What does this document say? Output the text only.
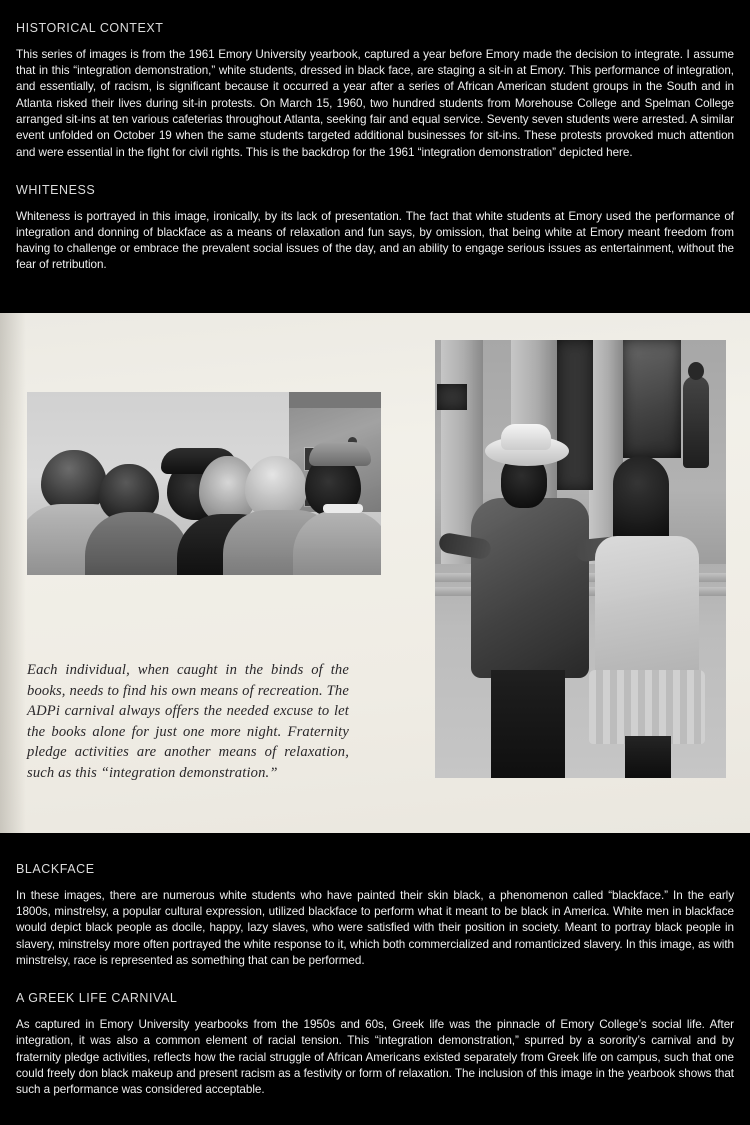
HISTORICAL CONTEXT

This series of images is from the 1961 Emory University yearbook, captured a year before Emory made the decision to integrate. I assume that in this “integration demonstration,” white students, dressed in black face, are staging a sit-in at Emory. This performance of integration, and essentially, of racism, is significant because it occurred a year after a series of African American student groups in the South and in Atlanta risked their lives during sit-in protests. On March 15, 1960, two hundred students from Morehouse College and Spelman College arranged sit-ins at ten various cafeterias throughout Atlanta, seeking fair and equal service. Seventy seven students were arrested. A similar event unfolded on October 19 when the same students targeted additional businesses for sit-ins. These protests provoked much attention and were essential in the fight for civil rights. This is the backdrop for the 1961 “integration demonstration” depicted here.

WHITENESS

Whiteness is portrayed in this image, ironically, by its lack of presentation. The fact that white students at Emory used the performance of integration and donning of blackface as a means of relaxation and fun says, by omission, that being white at Emory meant freedom from having to challenge or embrace the prevalent social issues of the day, and an ability to engage serious issues as entertainment, without the fear of retribution.

Each individual, when caught in the binds of the books, needs to find his own means of recreation. The ADPi carnival always offers the needed excuse to let the books alone for just one more night. Fraternity pledge activities are another means of relaxation, such as this “integration demonstration.”
BLACKFACE

In these images, there are numerous white students who have painted their skin black, a phenomenon called “blackface.” In the early 1800s, minstrelsy, a popular cultural expression, utilized blackface to perform what it meant to be black in America. White men in blackface would depict black people as docile, happy, lazy slaves, who were satisfied with their position in society. Meant to portray black people in slavery, minstrelsy more often portrayed the white response to it, which both commercialized and romanticized slavery. In this image, as with minstrelsy, race is represented as something that can be performed.

A GREEK LIFE CARNIVAL

As captured in Emory University yearbooks from the 1950s and 60s, Greek life was the pinnacle of Emory College’s social life. After integration, it was also a common element of racial tension. This “integration demonstration,” spurred by a sorority’s carnival and by fraternity pledge activities, reflects how the racial struggle of African Americans existed separately from Greek life on campus, such that one could freely don black makeup and present racism as a festivity or form of relaxation. The inclusion of this image in the yearbook shows that such a performance was considered acceptable.
